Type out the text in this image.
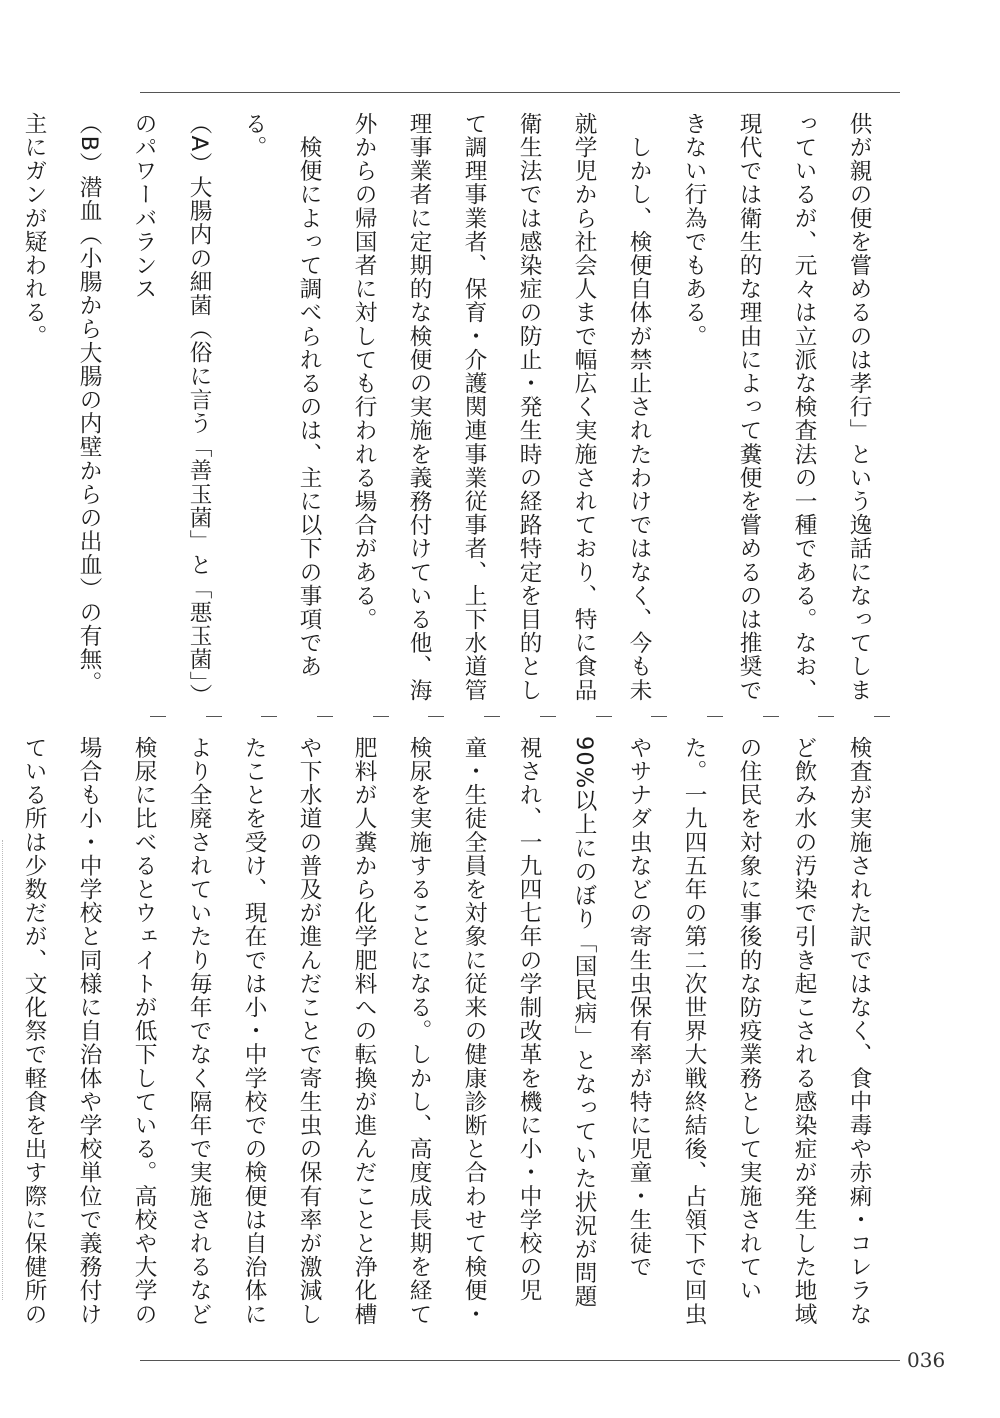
供が親の便を嘗めるのは孝行」という逸話になってしまっているが、元々は立派な検査法の一種である。なお、現代では衛生的な理由によって糞便を嘗めるのは推奨できない行為でもある。

　しかし、検便自体が禁止されたわけではなく、今も未就学児から社会人まで幅広く実施されており、特に食品衛生法では感染症の防止・発生時の経路特定を目的として調理事業者、保育・介護関連事業従事者、上下水道管理事業者に定期的な検便の実施を義務付けている他、海外からの帰国者に対しても行われる場合がある。

　検便によって調べられるのは、主に以下の事項である。

（A）大腸内の細菌（俗に言う「善玉菌」と「悪玉菌」）のパワーバランス

（B）潜血（小腸から大腸の内壁からの出血）の有無。主にガンが疑われる。

検査が実施された訳ではなく、食中毒や赤痢・コレラなど飲み水の汚染で引き起こされる感染症が発生した地域の住民を対象に事後的な防疫業務として実施されていた。一九四五年の第二次世界大戦終結後、占領下で回虫やサナダ虫などの寄生虫保有率が特に児童・生徒で90%以上にのぼり「国民病」となっていた状況が問題視され、一九四七年の学制改革を機に小・中学校の児童・生徒全員を対象に従来の健康診断と合わせて検便・検尿を実施することになる。しかし、高度成長期を経て肥料が人糞から化学肥料への転換が進んだことと浄化槽や下水道の普及が進んだことで寄生虫の保有率が激減したことを受け、現在では小・中学校での検便は自治体により全廃されていたり毎年でなく隔年で実施されるなど検尿に比べるとウェイトが低下している。高校や大学の場合も小・中学校と同様に自治体や学校単位で義務付けている所は少数だが、文化祭で軽食を出す際に保健所の

036
